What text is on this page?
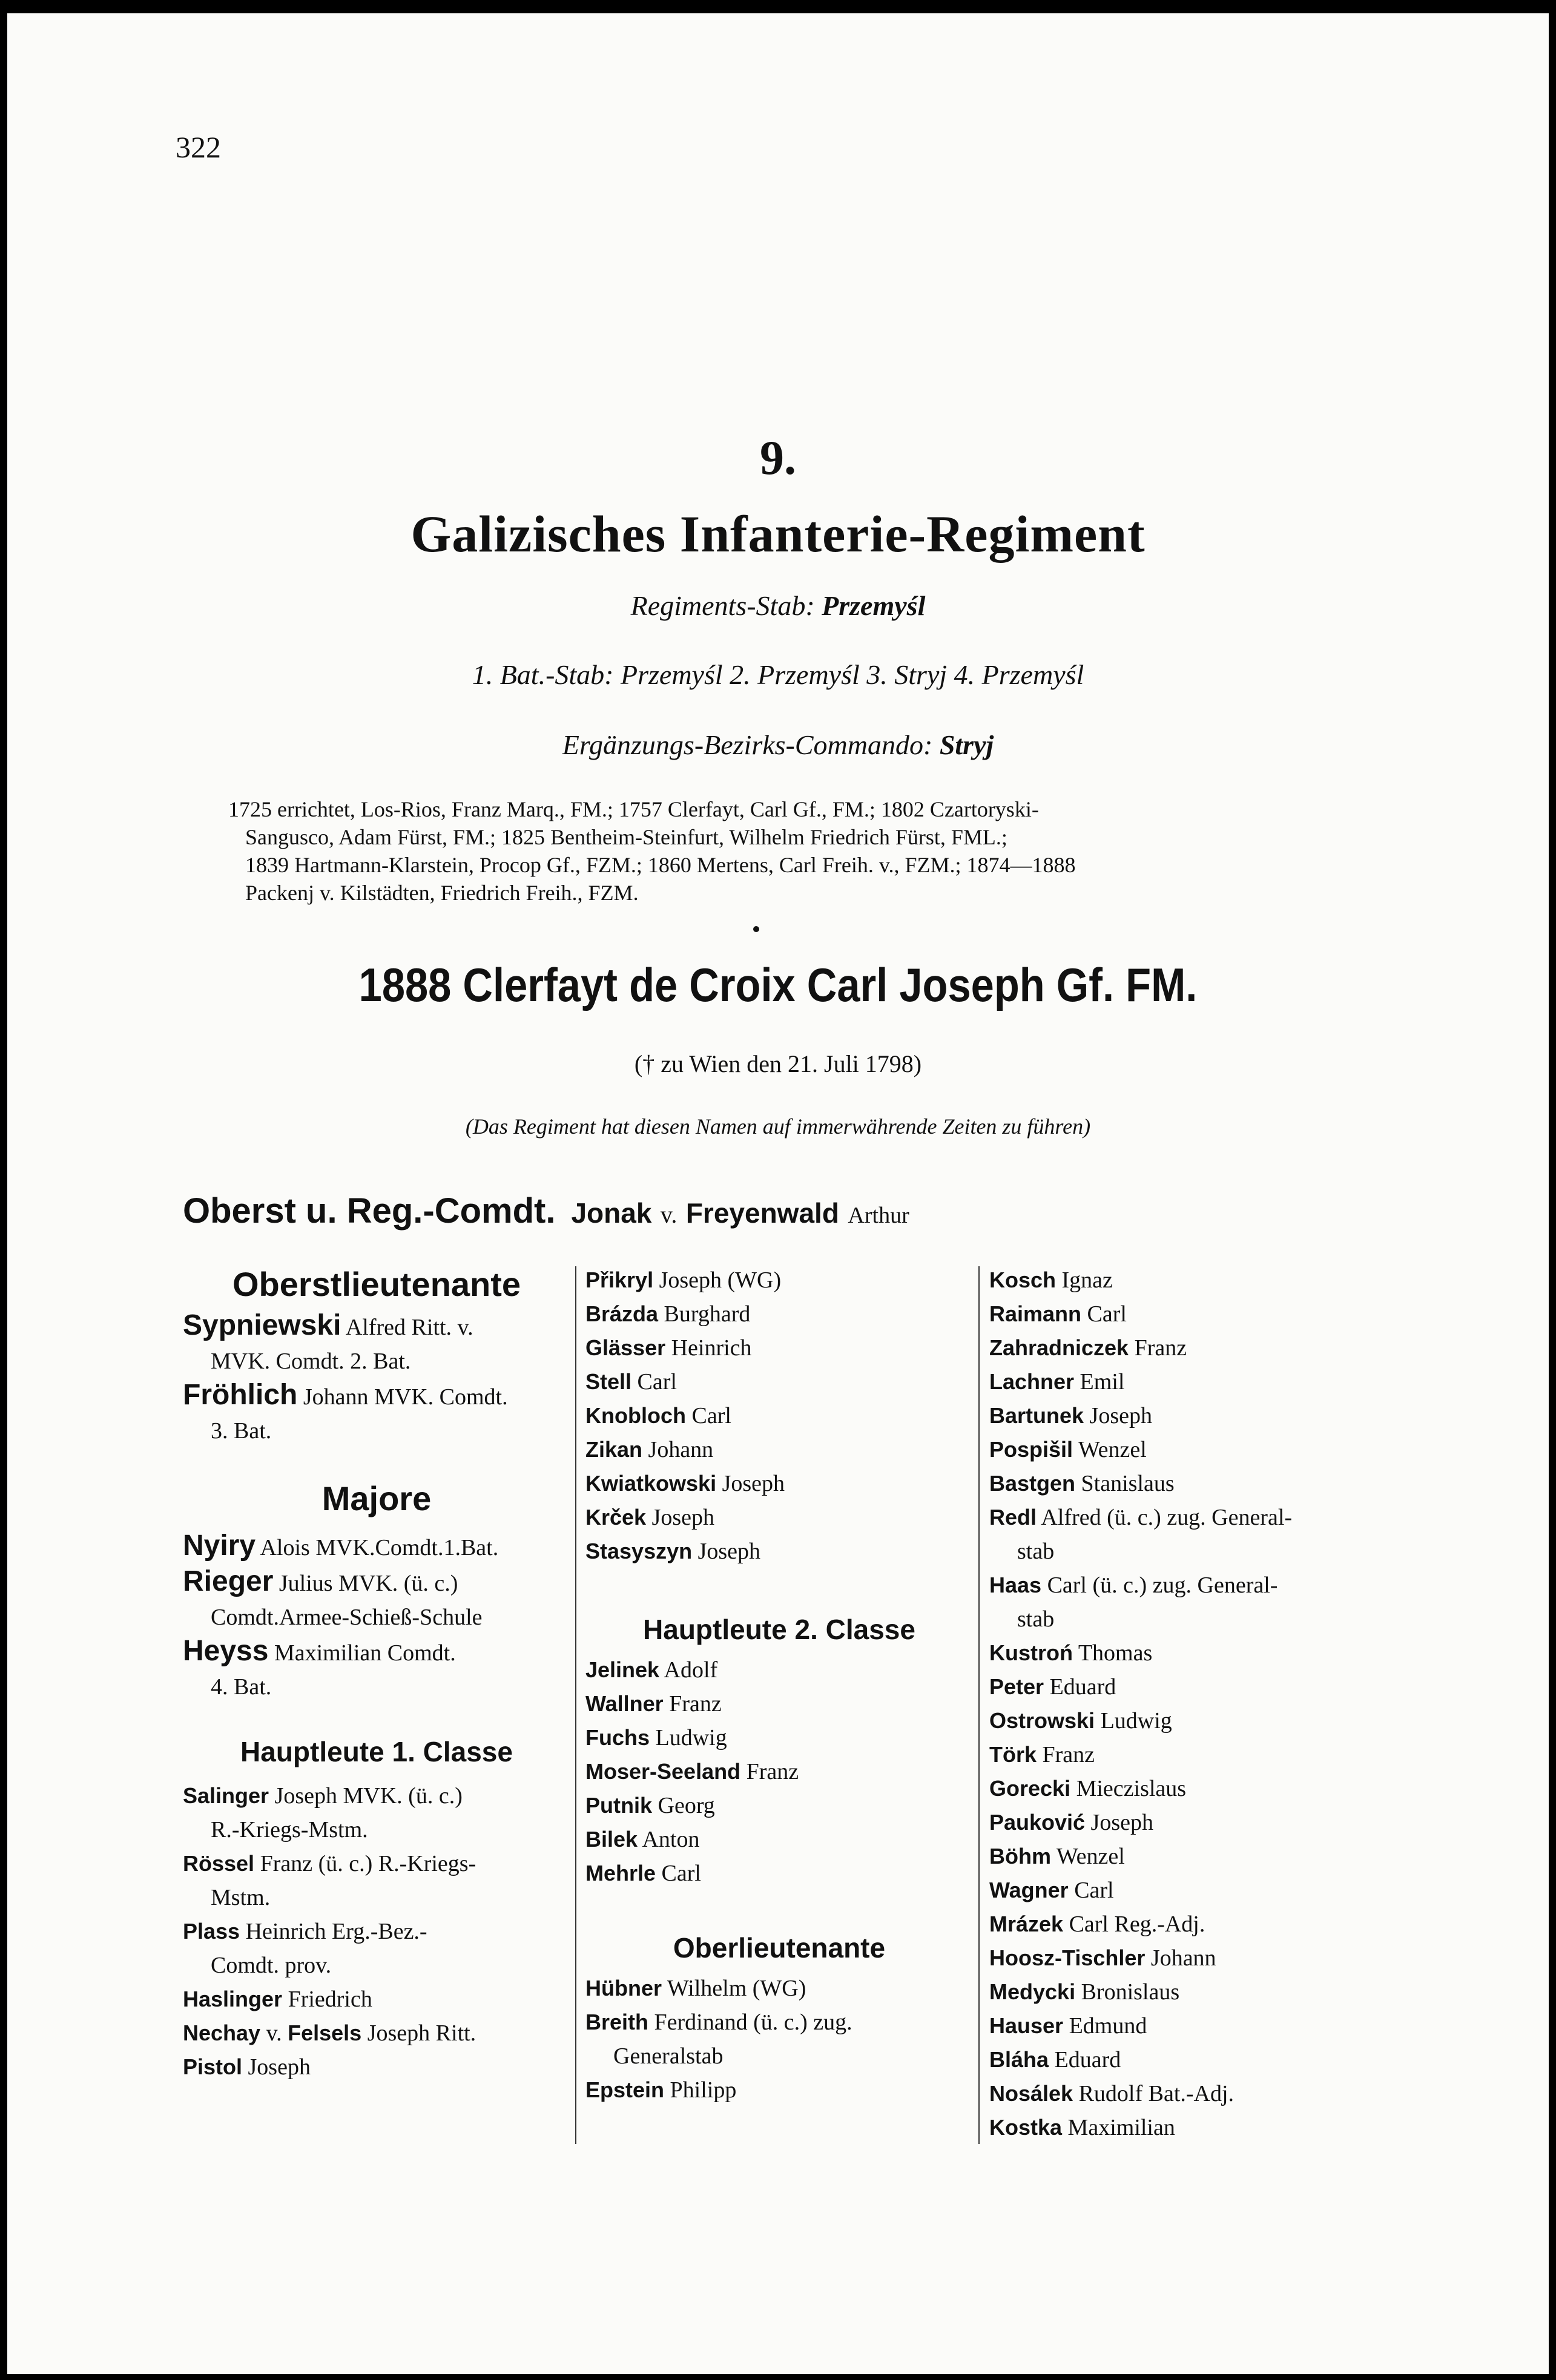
322
9.
Galizisches Infanterie-Regiment
Regiments-Stab: Przemyśl
1. Bat.-Stab: Przemyśl 2. Przemyśl 3. Stryj 4. Przemyśl
Ergänzungs-Bezirks-Commando: Stryj

1725 errichtet, Los-Rios, Franz Marq., FM.; 1757 Clerfayt, Carl Gf., FM.; 1802 Czartoryski-

Sangusco, Adam Fürst, FM.; 1825 Bentheim-Steinfurt, Wilhelm Friedrich Fürst, FML.;

1839 Hartmann-Klarstein, Procop Gf., FZM.; 1860 Mertens, Carl Freih. v., FZM.; 1874—1888

Packenj v. Kilstädten, Friedrich Freih., FZM.

1888 Clerfayt de Croix Carl Joseph Gf. FM.
(† zu Wien den 21. Juli 1798)
(Das Regiment hat diesen Namen auf immerwährende Zeiten zu führen)
Oberst u. Reg.-Comdt. Jonak v. Freyenwald Arthur

Oberstlieutenante

Sypniewski Alfred Ritt. v.
MVK. Comdt. 2. Bat.
Fröhlich Johann MVK. Comdt.
3. Bat.

Majore

Nyiry Alois MVK.Comdt.1.Bat.
Rieger Julius MVK. (ü. c.)
Comdt.Armee-Schieß-Schule
Heyss Maximilian Comdt.
4. Bat.

Hauptleute 1. Classe

Salinger Joseph MVK. (ü. c.)
R.-Kriegs-Mstm.
Rössel Franz (ü. c.) R.-Kriegs-
Mstm.
Plass Heinrich Erg.-Bez.-
Comdt. prov.
Haslinger Friedrich
Nechay v. Felsels Joseph Ritt.
Pistol Joseph
Přikryl Joseph (WG)
Brázda Burghard
Glässer Heinrich
Stell Carl
Knobloch Carl
Zikan Johann
Kwiatkowski Joseph
Krček Joseph
Stasyszyn Joseph

Hauptleute 2. Classe

Jelinek Adolf
Wallner Franz
Fuchs Ludwig
Moser-Seeland Franz
Putnik Georg
Bilek Anton
Mehrle Carl

Oberlieutenante

Hübner Wilhelm (WG)
Breith Ferdinand (ü. c.) zug.
Generalstab
Epstein Philipp
Kosch Ignaz
Raimann Carl
Zahradniczek Franz
Lachner Emil
Bartunek Joseph
Pospišil Wenzel
Bastgen Stanislaus
Redl Alfred (ü. c.) zug. General-
stab
Haas Carl (ü. c.) zug. General-
stab
Kustroń Thomas
Peter Eduard
Ostrowski Ludwig
Törk Franz
Gorecki Mieczislaus
Pauković Joseph
Böhm Wenzel
Wagner Carl
Mrázek Carl Reg.-Adj.
Hoosz-Tischler Johann
Medycki Bronislaus
Hauser Edmund
Bláha Eduard
Nosálek Rudolf Bat.-Adj.
Kostka Maximilian
